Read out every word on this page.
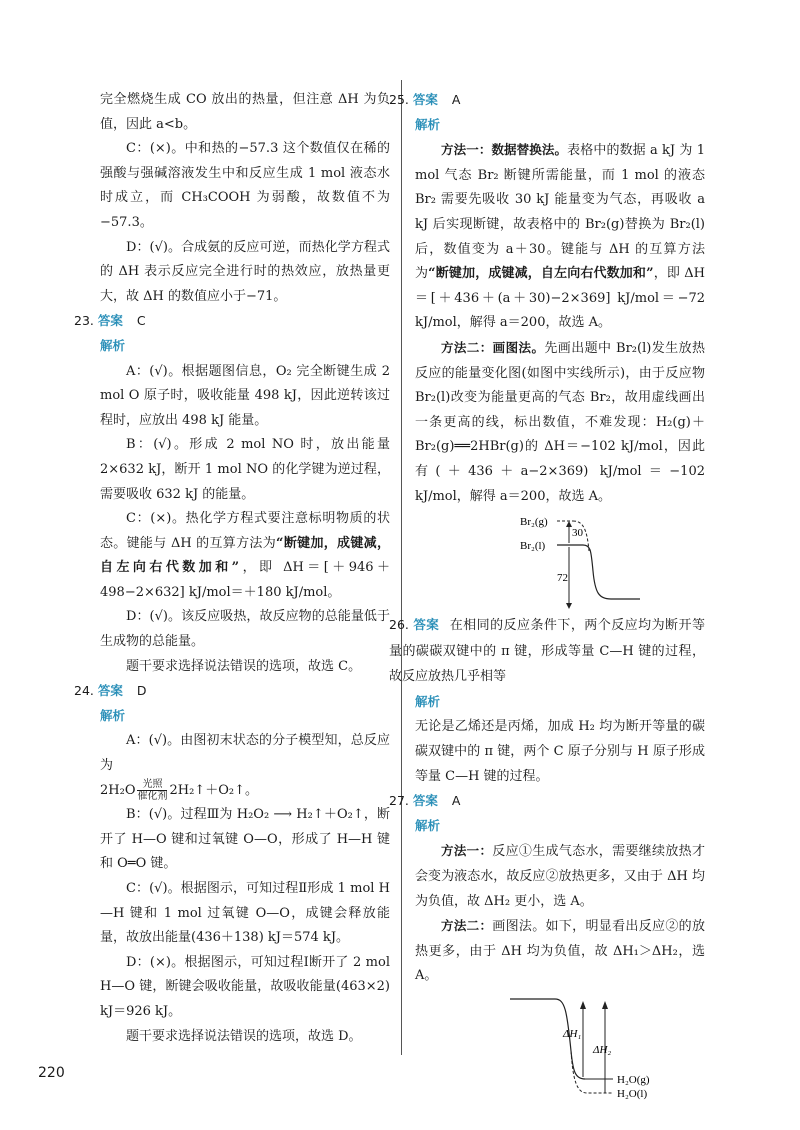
完全燃烧生成 CO 放出的热量，但注意 ΔH 为负值，因此 a<b。

C：(×)。中和热的−57.3 这个数值仅在稀的强酸与强碱溶液发生中和反应生成 1 mol 液态水时成立，而 CH₃COOH 为弱酸，故数值不为−57.3。

D：(√)。合成氨的反应可逆，而热化学方程式的 ΔH 表示反应完全进行时的热效应，放热量更大，故 ΔH 的数值应小于−71。

23. 答案 C

解析

A：(√)。根据题图信息，O₂ 完全断键生成 2 mol O 原子时，吸收能量 498 kJ，因此逆转该过程时，应放出 498 kJ 能量。

B：(√)。形成 2 mol NO 时，放出能量 2×632 kJ，断开 1 mol NO 的化学键为逆过程，需要吸收 632 kJ 的能量。

C：(×)。热化学方程式要注意标明物质的状态。键能与 ΔH 的互算方法为“断键加，成键减，自左向右代数加和”，即 ΔH＝[＋946＋498−2×632] kJ/mol＝＋180 kJ/mol。

D：(√)。该反应吸热，故反应物的总能量低于生成物的总能量。

题干要求选择说法错误的选项，故选 C。

24. 答案 D

解析

A：(√)。由图初末状态的分子模型知，总反应为

2H₂O 光照
催化剂 2H₂↑＋O₂↑。

B：(√)。过程Ⅲ为 H₂O₂ ⟶ H₂↑＋O₂↑，断开了 H—O 键和过氧键 O—O，形成了 H—H 键和 O═O 键。

C：(√)。根据图示，可知过程Ⅱ形成 1 mol H—H 键和 1 mol 过氧键 O—O，成键会释放能量，故放出能量(436＋138) kJ＝574 kJ。

D：(×)。根据图示，可知过程Ⅰ断开了 2 mol H—O 键，断键会吸收能量，故吸收能量(463×2) kJ＝926 kJ。

题干要求选择说法错误的选项，故选 D。

25. 答案 A

解析

方法一：数据替换法。表格中的数据 a kJ 为 1 mol 气态 Br₂ 断键所需能量，而 1 mol 的液态 Br₂ 需要先吸收 30 kJ 能量变为气态，再吸收 a kJ 后实现断键，故表格中的 Br₂(g)替换为 Br₂(l)后，数值变为 a＋30。键能与 ΔH 的互算方法为“断键加，成键减，自左向右代数加和”，即 ΔH＝[＋436＋(a＋30)−2×369] kJ/mol＝−72 kJ/mol，解得 a＝200，故选 A。

方法二：画图法。先画出题中 Br₂(l)发生放热反应的能量变化图(如图中实线所示)，由于反应物 Br₂(l)改变为能量更高的气态 Br₂，故用虚线画出一条更高的线，标出数值，不难发现：H₂(g)＋Br₂(g)══2HBr(g)的 ΔH＝−102 kJ/mol，因此有(＋436＋a−2×369) kJ/mol＝−102 kJ/mol，解得 a＝200，故选 A。

Br₂(g)
Br₂(l)
30
72

26. 答案 在相同的反应条件下，两个反应均为断开等量的碳碳双键中的 π 键，形成等量 C—H 键的过程，故反应放热几乎相等

解析

无论是乙烯还是丙烯，加成 H₂ 均为断开等量的碳碳双键中的 π 键，两个 C 原子分别与 H 原子形成等量 C—H 键的过程。

27. 答案 A

解析

方法一：反应①生成气态水，需要继续放热才会变为液态水，故反应②放热更多，又由于 ΔH 均为负值，故 ΔH₂ 更小，选 A。

方法二：画图法。如下，明显看出反应②的放热更多，由于 ΔH 均为负值，故 ΔH₁＞ΔH₂，选 A。

ΔH₁
ΔH₂
H₂O(g)
H₂O(l)
220
